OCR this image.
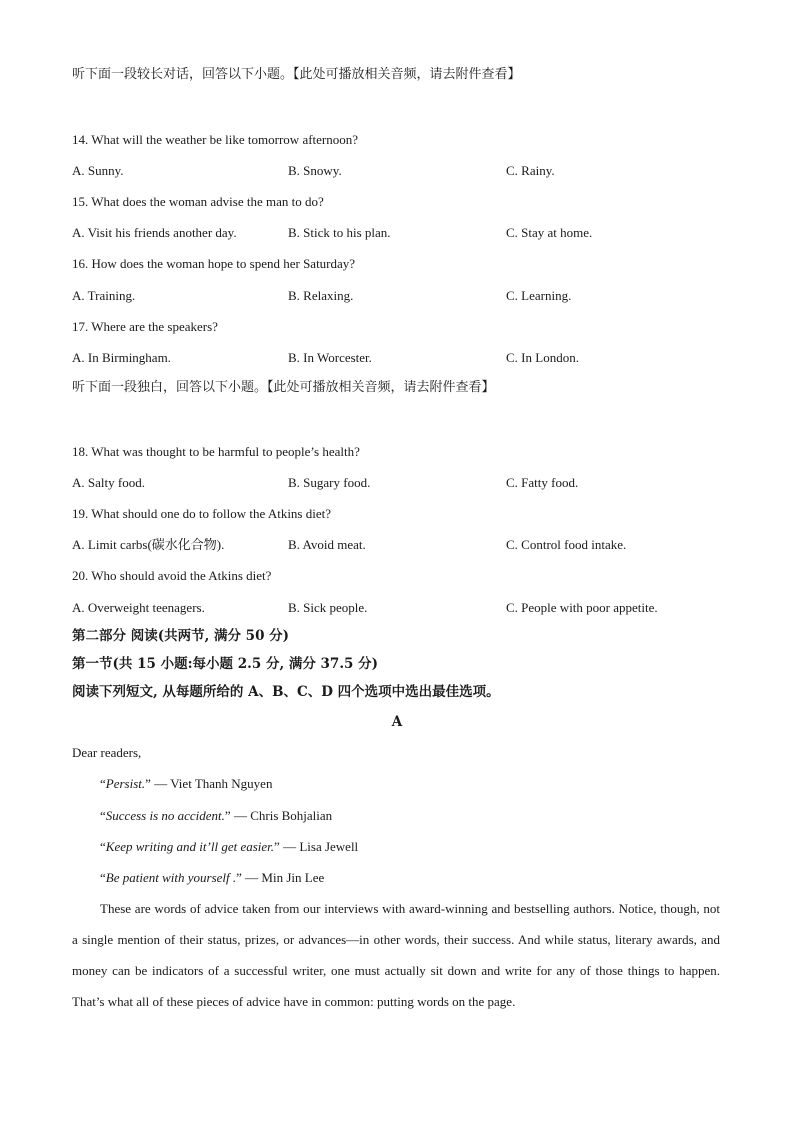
听下面一段较长对话，回答以下小题。【此处可播放相关音频，请去附件查看】
14. What will the weather be like tomorrow afternoon?
A. Sunny.	B. Snowy.	C. Rainy.
15. What does the woman advise the man to do?
A. Visit his friends another day.	B. Stick to his plan.	C. Stay at home.
16. How does the woman hope to spend her Saturday?
A. Training.	B. Relaxing.	C. Learning.
17. Where are the speakers?
A. In Birmingham.	B. In Worcester.	C. In London.
听下面一段独白，回答以下小题。【此处可播放相关音频，请去附件查看】
18. What was thought to be harmful to people’s health?
A. Salty food.	B. Sugary food.	C. Fatty food.
19. What should one do to follow the Atkins diet?
A. Limit carbs(碳水化合物).	B. Avoid meat.	C. Control food intake.
20. Who should avoid the Atkins diet?
A. Overweight teenagers.	B. Sick people.	C. People with poor appetite.
第二部分 阅读(共两节, 满分 50 分)
第一节(共 15 小题:每小题 2.5 分, 满分 37.5 分)
阅读下列短文, 从每题所给的 A、B、C、D 四个选项中选出最佳选项。
A
Dear readers,
“Persist.” — Viet Thanh Nguyen
“Success is no accident.” — Chris Bohjalian
“Keep writing and it’ll get easier.” — Lisa Jewell
“Be patient with yourself .” — Min Jin Lee
These are words of advice taken from our interviews with award-winning and bestselling authors. Notice, though, not a single mention of their status, prizes, or advances—in other words, their success. And while status, literary awards, and money can be indicators of a successful writer, one must actually sit down and write for any of those things to happen. That’s what all of these pieces of advice have in common: putting words on the page.
